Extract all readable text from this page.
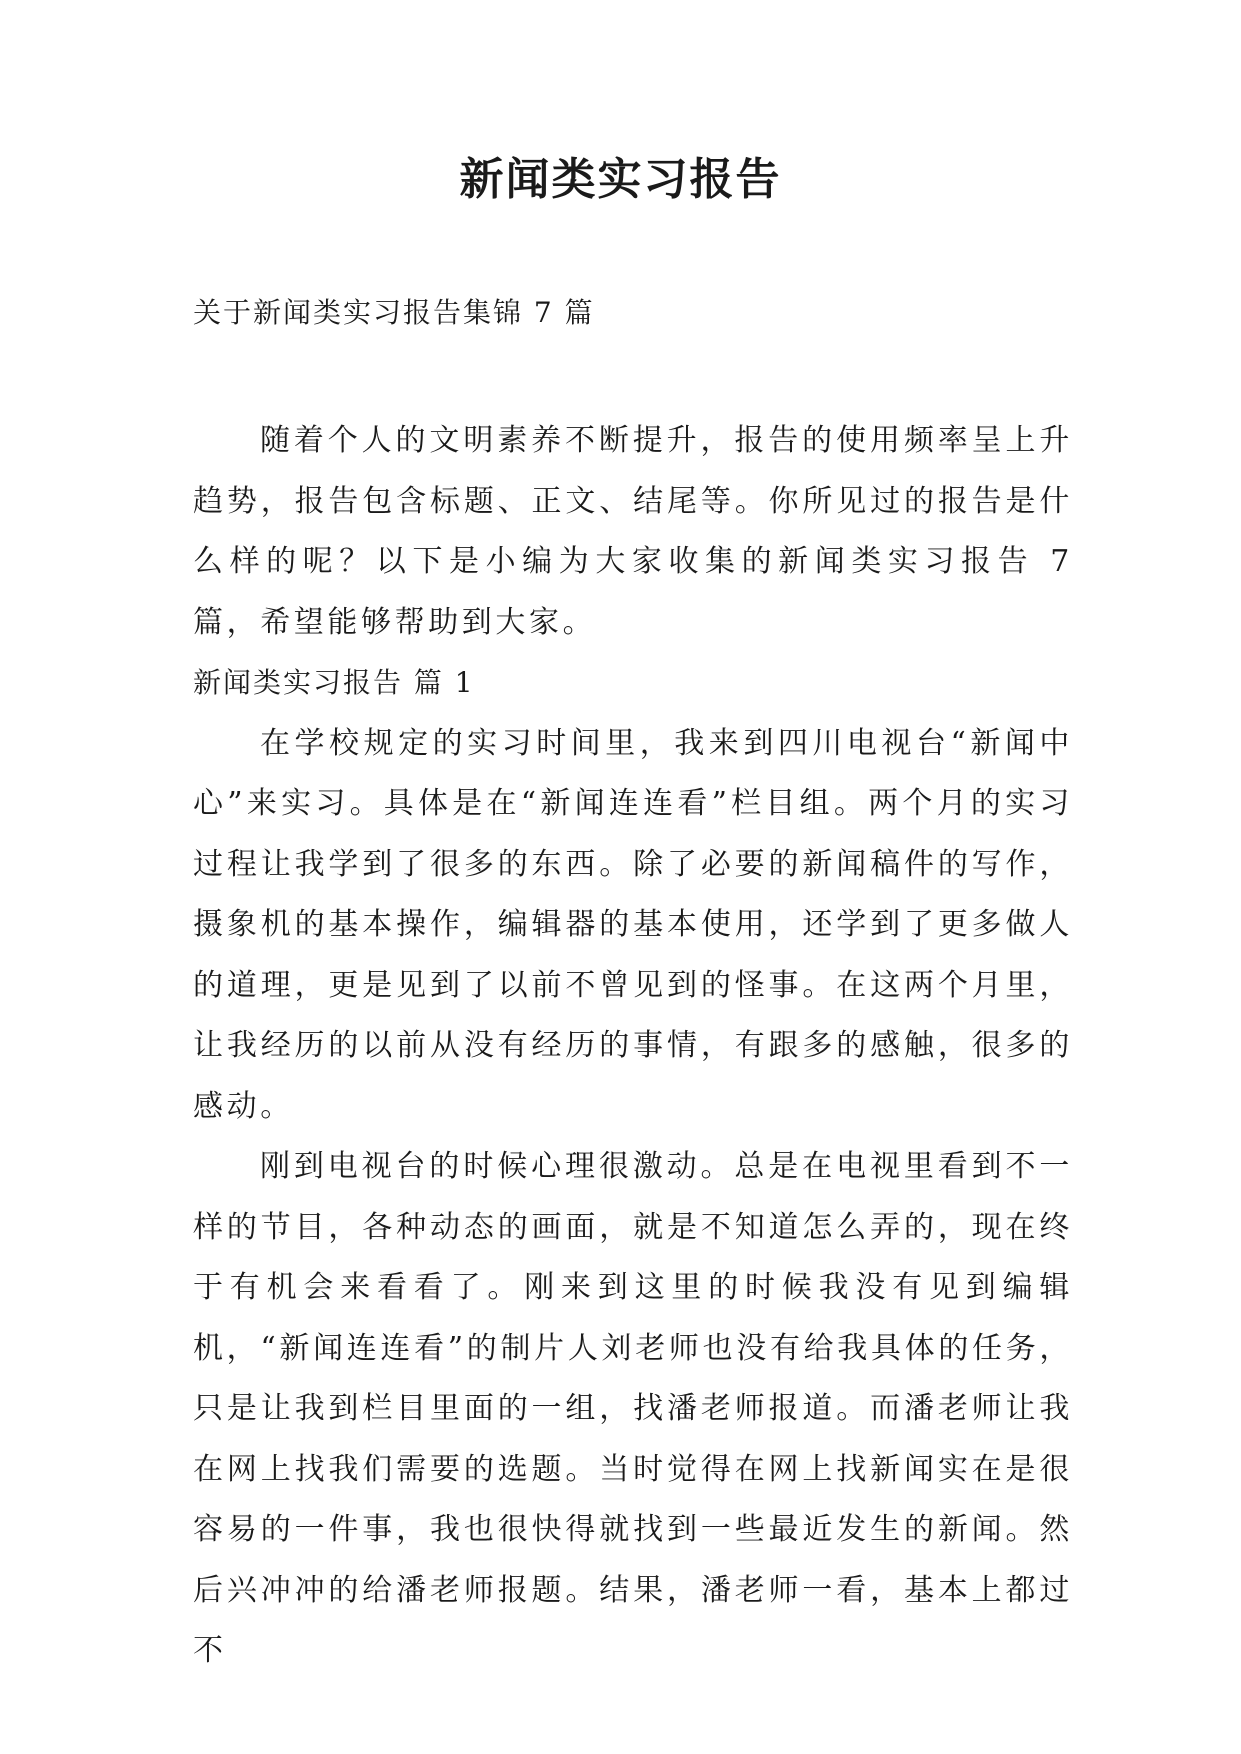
新闻类实习报告

关于新闻类实习报告集锦 7 篇

随着个人的文明素养不断提升，报告的使用频率呈上升趋势，报告包含标题、正文、结尾等。你所见过的报告是什么样的呢？以下是小编为大家收集的新闻类实习报告 7 篇，希望能够帮助到大家。

新闻类实习报告 篇 1

在学校规定的实习时间里，我来到四川电视台“新闻中心”来实习。具体是在“新闻连连看”栏目组。两个月的实习过程让我学到了很多的东西。除了必要的新闻稿件的写作，摄象机的基本操作，编辑器的基本使用，还学到了更多做人的道理，更是见到了以前不曾见到的怪事。在这两个月里，让我经历的以前从没有经历的事情，有跟多的感触，很多的感动。

刚到电视台的时候心理很激动。总是在电视里看到不一样的节目，各种动态的画面，就是不知道怎么弄的，现在终于有机会来看看了。刚来到这里的时候我没有见到编辑机，“新闻连连看”的制片人刘老师也没有给我具体的任务，只是让我到栏目里面的一组，找潘老师报道。而潘老师让我在网上找我们需要的选题。当时觉得在网上找新闻实在是很容易的一件事，我也很快得就找到一些最近发生的新闻。然后兴冲冲的给潘老师报题。结果，潘老师一看，基本上都过不
